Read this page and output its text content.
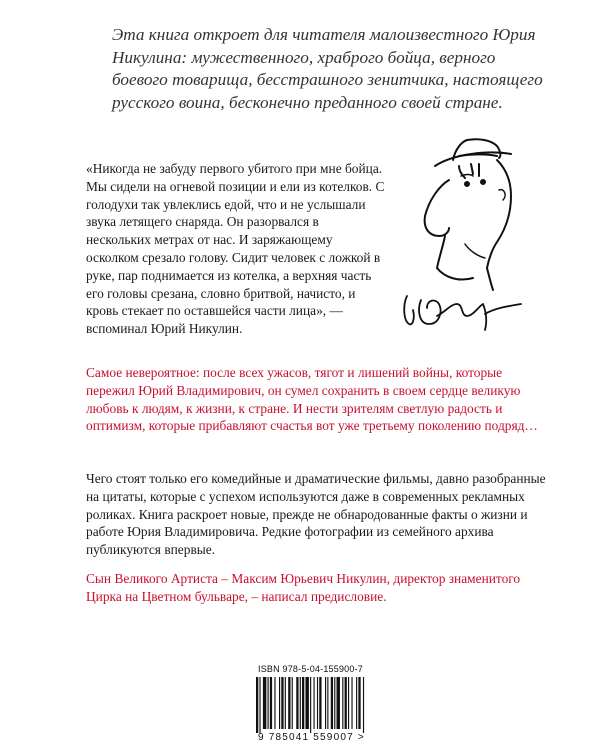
Эта книга откроет для читателя малоизвестного Юрия Никулина: мужественного, храброго бойца, верного боевого товарища, бесстрашного зенитчика, настоящего русского воина, бесконечно преданного своей стране.

«Никогда не забуду первого убитого при мне бойца. Мы сидели на огневой позиции и ели из котелков. С голодухи так увлеклись едой, что и не услышали звука летящего снаряда. Он разорвался в нескольких метрах от нас. И заряжающему осколком срезало голову. Сидит человек с ложкой в руке, пар поднимается из котелка, а верхняя часть его головы срезана, словно бритвой, начисто, и кровь стекает по оставшейся части лица», — вспоминал Юрий Никулин.

Самое невероятное: после всех ужасов, тягот и лишений войны, которые пережил Юрий Владимирович, он сумел сохранить в своем сердце великую любовь к людям, к жизни, к стране. И нести зрителям светлую радость и оптимизм, которые прибавляют счастья вот уже третьему поколению подряд…

Чего стоят только его комедийные и драматические фильмы, давно разобранные на цитаты, которые с успехом используются даже в современных рекламных роликах. Книга раскроет новые, прежде не обнародованные факты о жизни и работе Юрия Владимировича. Редкие фотографии из семейного архива публикуются впервые.

Сын Великого Артиста – Максим Юрьевич Никулин, директор знаменитого Цирка на Цветном бульваре, – написал предисловие.

ISBN 978-5-04-155900-7
9 785041 559007 >
